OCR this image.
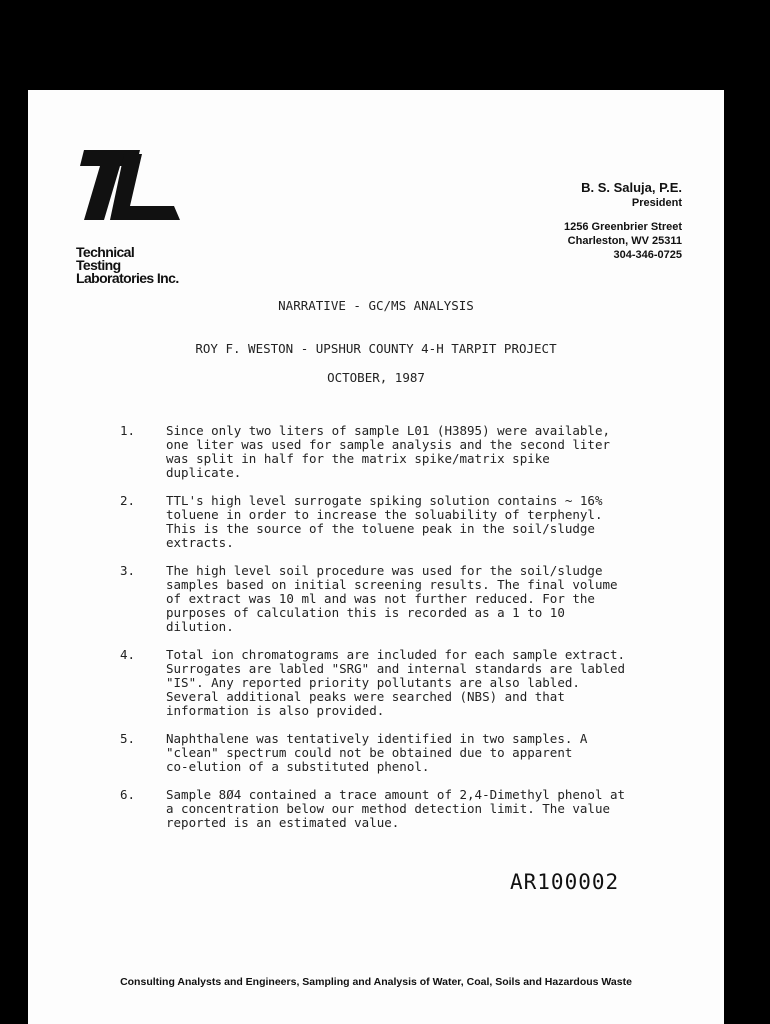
Technical
Testing
Laboratories Inc.
B. S. Saluja, P.E.
President
1256 Greenbrier Street
Charleston, WV 25311
304-346-0725
NARRATIVE - GC/MS ANALYSIS
ROY F. WESTON - UPSHUR COUNTY 4-H TARPIT PROJECT
OCTOBER, 1987
1.	Since only two liters of sample L01 (H3895) were available,
one liter was used for sample analysis and the second liter
was split in half for the matrix spike/matrix spike
duplicate.
2.	TTL's high level surrogate spiking solution contains ~ 16%
toluene in order to increase the soluability of terphenyl.
This is the source of the toluene peak in the soil/sludge
extracts.
3.	The high level soil procedure was used for the soil/sludge
samples based on initial screening results. The final volume
of extract was 10 ml and was not further reduced. For the
purposes of calculation this is recorded as a 1 to 10
dilution.
4.	Total ion chromatograms are included for each sample extract.
Surrogates are labled "SRG" and internal standards are labled
"IS". Any reported priority pollutants are also labled.
Several additional peaks were searched (NBS) and that
information is also provided.
5.	Naphthalene was tentatively identified in two samples. A
"clean" spectrum could not be obtained due to apparent
co-elution of a substituted phenol.
6.	Sample 8Ø4 contained a trace amount of 2,4-Dimethyl phenol at
a concentration below our method detection limit. The value
reported is an estimated value.
AR100002
Consulting Analysts and Engineers, Sampling and Analysis of Water, Coal, Soils and Hazardous Waste
